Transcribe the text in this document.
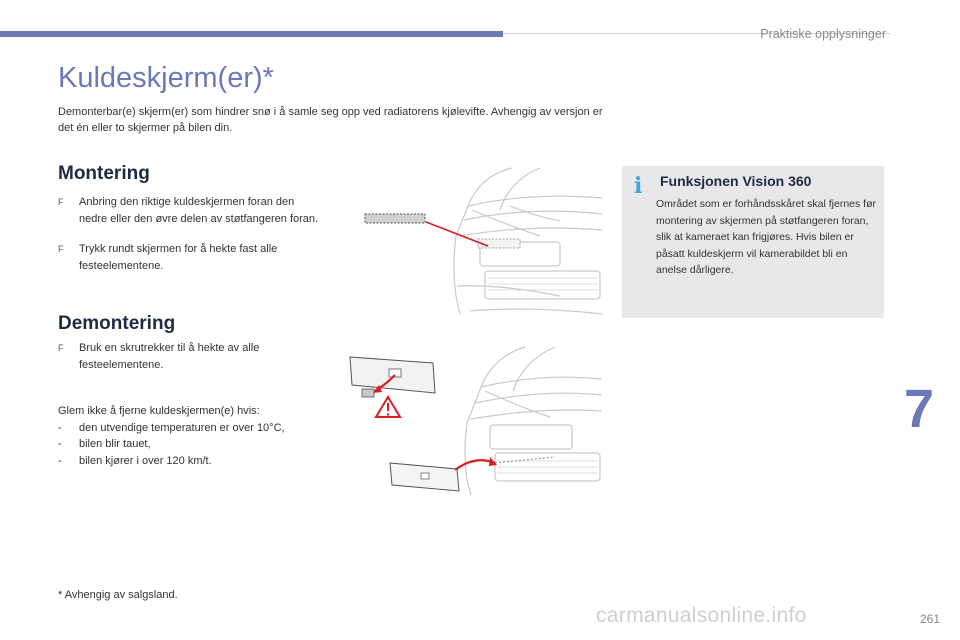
Praktiske opplysninger
Kuldeskjerm(er)*

Demonterbar(e) skjerm(er) som hindrer snø i å samle seg opp ved radiatorens kjølevifte. Avhengig av versjon er det én eller to skjermer på bilen din.

Montering
F	Anbring den riktige kuldeskjermen foran den nedre eller den øvre delen av støtfangeren foran.
F	Trykk rundt skjermen for å hekte fast alle festeelementene.
Demontering
F	Bruk en skrutrekker til å hekte av alle festeelementene.
Glem ikke å fjerne kuldeskjermen(e) hvis:
-	den utvendige temperaturen er over 10°C,
-	bilen blir tauet,
-	bilen kjører i over 120 km/t.
* Avhengig av salgsland.
i Funksjonen Vision 360

Området som er forhåndsskåret skal fjernes før montering av skjermen på støtfangeren foran, slik at kameraet kan frigjøres. Hvis bilen er påsatt kuldeskjerm vil kamerabildet bli en anelse dårligere.

7
261
carmanualsonline.info
